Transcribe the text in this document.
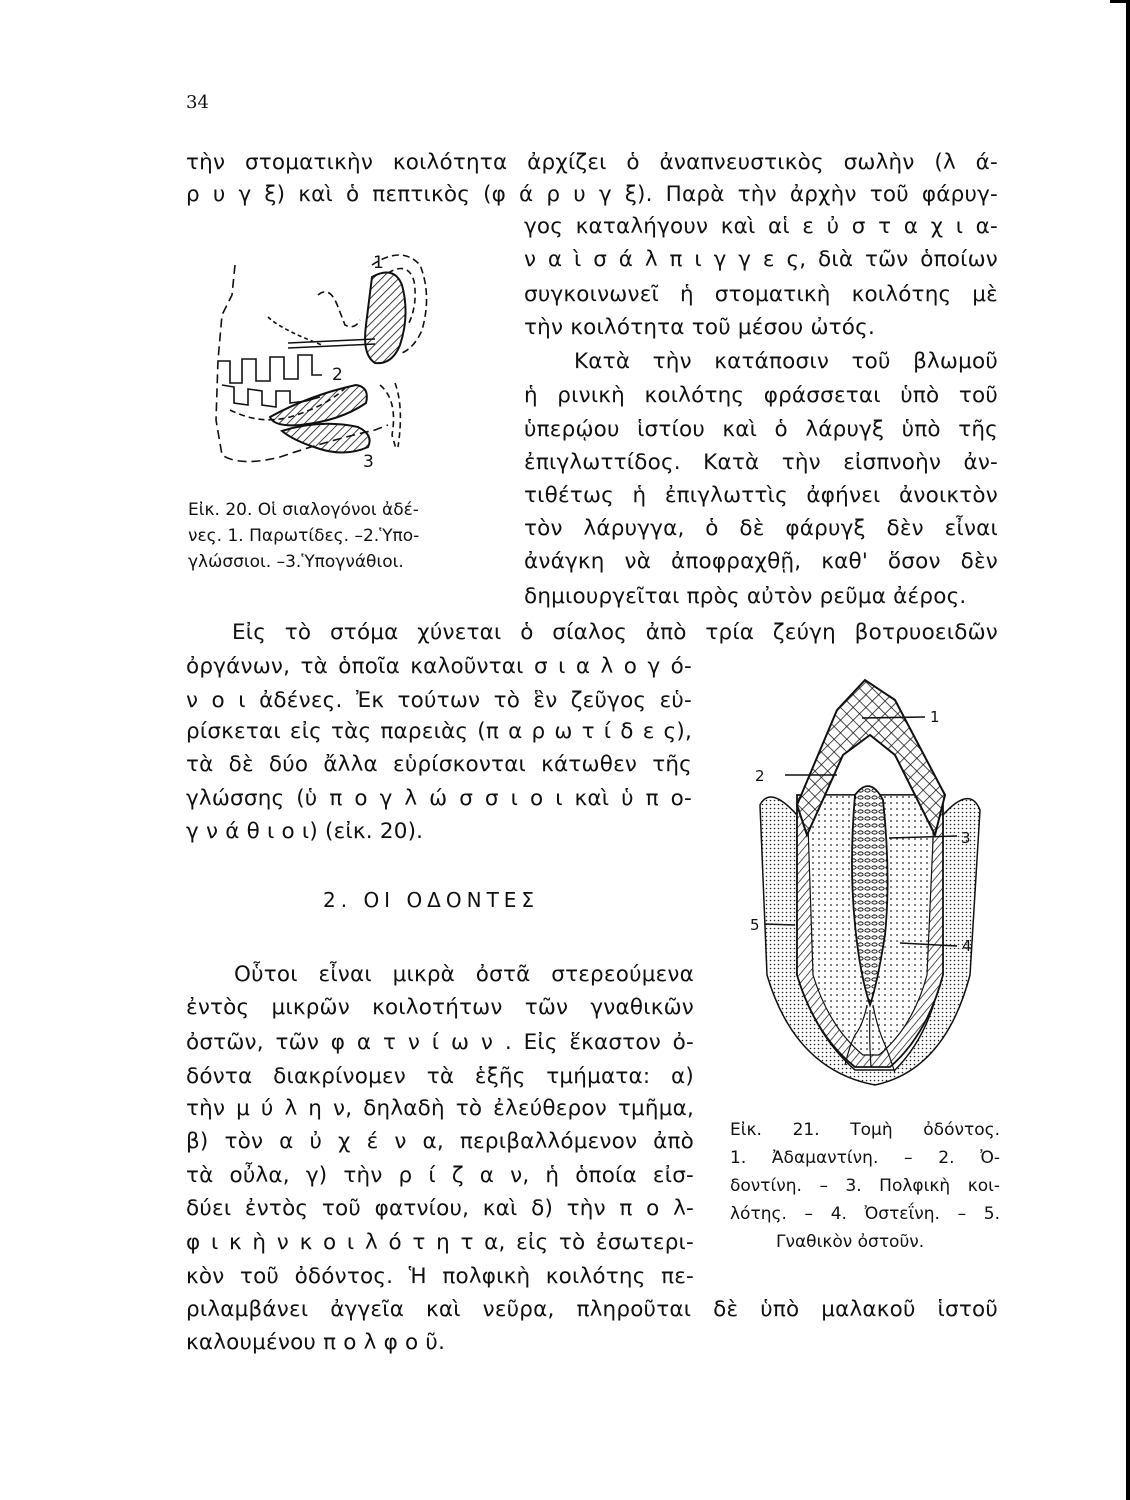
34
τὴν στοματικὴν κοιλότητα ἀρχίζει ὁ ἀναπνευστικὸς σωλὴν (λ ά-
ρ υ γ ξ) καὶ ὁ πεπτικὸς (φ ά ρ υ γ ξ). Παρὰ τὴν ἀρχὴν τοῦ φάρυγ-
γος καταλήγουν καὶ αἱ ε ὐ σ τ α χ ι α-
ν α ὶ σ ά λ π ι γ γ ε ς, διὰ τῶν ὁποίων
συγκοινωνεῖ ἡ στοματικὴ κοιλότης μὲ
τὴν κοιλότητα τοῦ μέσου ὠτός.
Κατὰ τὴν κατάποσιν τοῦ βλωμοῦ
ἡ ρινικὴ κοιλότης φράσσεται ὑπὸ τοῦ
ὑπερῴου ἱστίου καὶ ὁ λάρυγξ ὑπὸ τῆς
ἐπιγλωττίδος. Κατὰ τὴν εἰσπνοὴν ἀν-
τιθέτως ἡ ἐπιγλωττὶς ἀφήνει ἀνοικτὸν
τὸν λάρυγγα, ὁ δὲ φάρυγξ δὲν εἶναι
ἀνάγκη νὰ ἀποφραχθῇ, καθ' ὅσον δὲν
δημιουργεῖται πρὸς αὐτὸν ρεῦμα ἀέρος.
1
2
3
Εἰκ. 20. Οἱ σιαλογόνοι ἀδέ-
νες. 1. Παρωτίδες. –2.Ὑπο-
γλώσσιοι. –3.Ὑπογνάθιοι.
Εἰς τὸ στόμα χύνεται ὁ σίαλος ἀπὸ τρία ζεύγη βοτρυοειδῶν
ὀργάνων, τὰ ὁποῖα καλοῦνται σ ι α λ ο γ ό-
ν ο ι ἀδένες. Ἐκ τούτων τὸ ἓν ζεῦγος εὑ-
ρίσκεται εἰς τὰς παρειὰς (π α ρ ω τ ί δ ε ς),
τὰ δὲ δύο ἄλλα εὑρίσκονται κάτωθεν τῆς
γλώσσης (ὑ π ο γ λ ώ σ σ ι ο ι καὶ ὑ π ο-
γ ν ά θ ι ο ι) (εἰκ. 20).
2. ΟΙ ΟΔΟΝΤΕΣ
1
2
3
4
5
Εἰκ. 21. Τομὴ ὀδόντος.
1. Ἀδαμαντίνη. – 2. Ὀ-
δοντίνη. – 3. Πολφικὴ κοι-
λότης. – 4. Ὀστεΐνη. – 5.
Γναθικὸν ὀστοῦν.
Οὗτοι εἶναι μικρὰ ὀστᾶ στερεούμενα
ἐντὸς μικρῶν κοιλοτήτων τῶν γναθικῶν
ὀστῶν, τῶν φ α τ ν ί ω ν . Εἰς ἕκαστον ὀ-
δόντα διακρίνομεν τὰ ἑξῆς τμήματα: α)
τὴν μ ύ λ η ν, δηλαδὴ τὸ ἐλεύθερον τμῆμα,
β) τὸν α ὐ χ έ ν α, περιβαλλόμενον ἀπὸ
τὰ οὖλα, γ) τὴν ρ ί ζ α ν, ἡ ὁποία εἰσ-
δύει ἐντὸς τοῦ φατνίου, καὶ δ) τὴν π ο λ-
φ ι κ ὴ ν κ ο ι λ ό τ η τ α, εἰς τὸ ἐσωτερι-
κὸν τοῦ ὀδόντος. Ἡ πολφικὴ κοιλότης πε-
ριλαμβάνει ἀγγεῖα καὶ νεῦρα, πληροῦται δὲ ὑπὸ μαλακοῦ ἱστοῦ
καλουμένου π ο λ φ ο ῦ.
